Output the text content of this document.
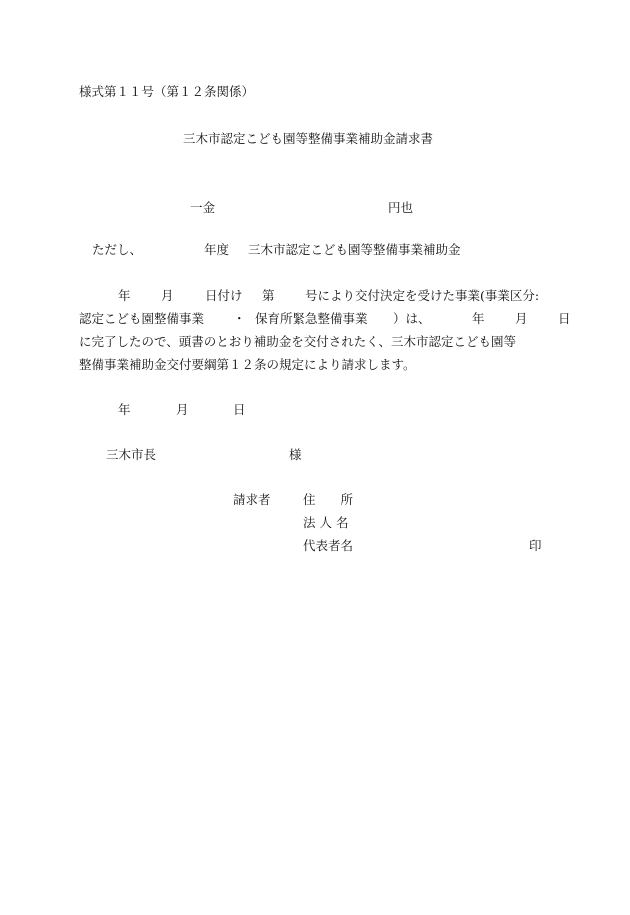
様式第１１号（第１２条関係）
三木市認定こども園等整備事業補助金請求書
一金	円也
ただし、	年度 三木市認定こども園等整備事業補助金
年 月	日付け 第 号により交付決定を受けた事業(事業区分:
認定こども園整備事業 ・ 保育所緊急整備事業 ）は、	年 月 日
に完了したので、頭書のとおり補助金を交付されたく、三木市認定こども園等
整備事業補助金交付要綱第１２条の規定により請求します。
年	月	日
三木市長	様
請求者	住　　所
法 人 名
代表者名	印
